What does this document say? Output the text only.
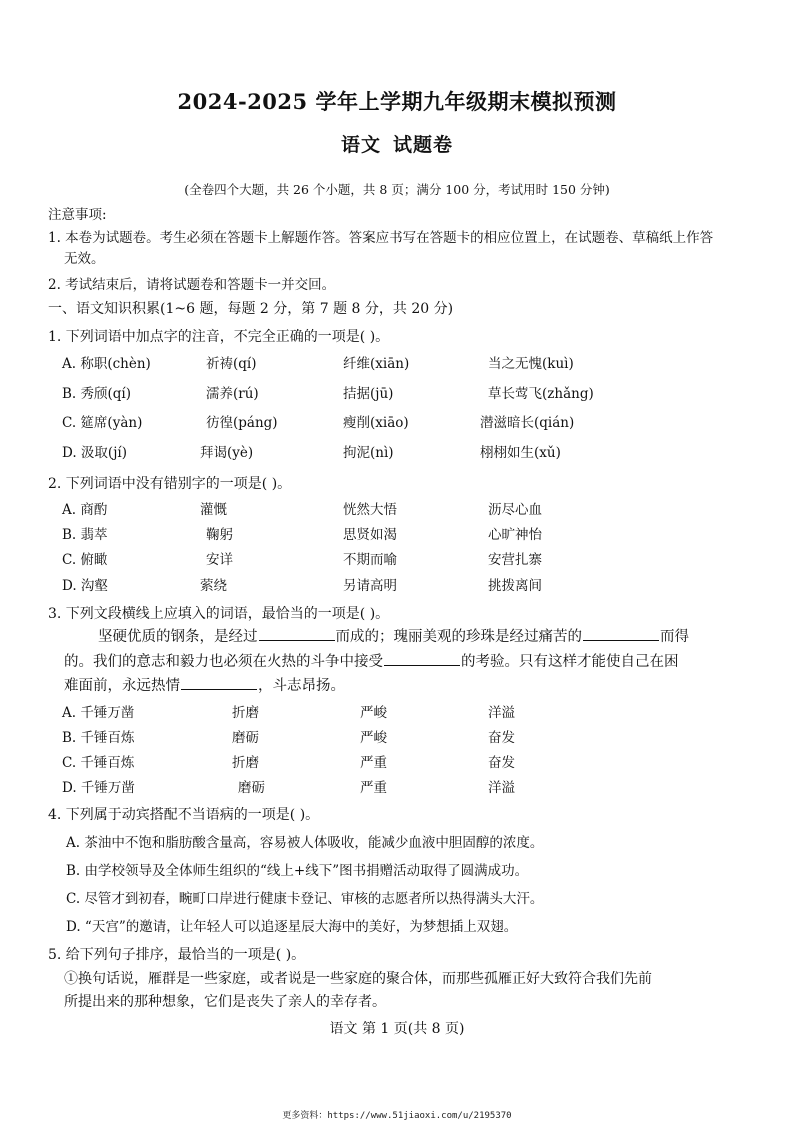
2024-2025 学年上学期九年级期末模拟预测
语文 试题卷
(全卷四个大题，共 26 个小题，共 8 页；满分 100 分，考试用时 150 分钟)
注意事项:
1. 本卷为试题卷。考生必须在答题卡上解题作答。答案应书写在答题卡的相应位置上，在试题卷、草稿纸上作答
无效。
2. 考试结束后，请将试题卷和答题卡一并交回。
一、语文知识积累(1~6 题，每题 2 分，第 7 题 8 分，共 20 分)
1. 下列词语中加点字的注音，不完全正确的一项是( )。
A. 称职(chèn)	祈祷(qí)	纤维(xiān)	当之无愧(kuì)
B. 秀颀(qí)	濡养(rú)	拮据(jū)	草长莺飞(zhǎng)
C. 筵席(yàn)	彷徨(páng)	瘦削(xiāo)	潜滋暗长(qián)
D. 汲取(jí)	拜谒(yè)	拘泥(nì)	栩栩如生(xǔ)
2. 下列词语中没有错别字的一项是( )。
A. 商酌	灌慨	恍然大悟	沥尽心血
B. 翡萃	鞠躬	思贤如渴	心旷神怡
C. 俯瞰	安详	不期而喻	安营扎寨
D. 沟壑	萦绕	另请高明	挑拨离间
3. 下列文段横线上应填入的词语，最恰当的一项是( )。
坚硬优质的钢条，是经过	而成的；瑰丽美观的珍珠是经过痛苦的	而得
的。我们的意志和毅力也必须在火热的斗争中接受	的考验。只有这样才能使自己在困
难面前，永远热情	，斗志昂扬。
A. 千锤万凿	折磨	严峻	洋溢
B. 千锤百炼	磨砺	严峻	奋发
C. 千锤百炼	折磨	严重	奋发
D. 千锤万凿	磨砺	严重	洋溢
4. 下列属于动宾搭配不当语病的一项是( )。
A. 茶油中不饱和脂肪酸含量高，容易被人体吸收，能减少血液中胆固醇的浓度。
B. 由学校领导及全体师生组织的“线上+线下”图书捐赠活动取得了圆满成功。
C. 尽管才到初春，畹町口岸进行健康卡登记、审核的志愿者所以热得满头大汗。
D. “天宫”的邀请，让年轻人可以追逐星辰大海中的美好，为梦想插上双翅。
5. 给下列句子排序，最恰当的一项是( )。
①换句话说，雁群是一些家庭，或者说是一些家庭的聚合体，而那些孤雁正好大致符合我们先前
所提出来的那种想象，它们是丧失了亲人的幸存者。
语文 第 1 页(共 8 页)
更多资料：https://www.51jiaoxi.com/u/2195370
